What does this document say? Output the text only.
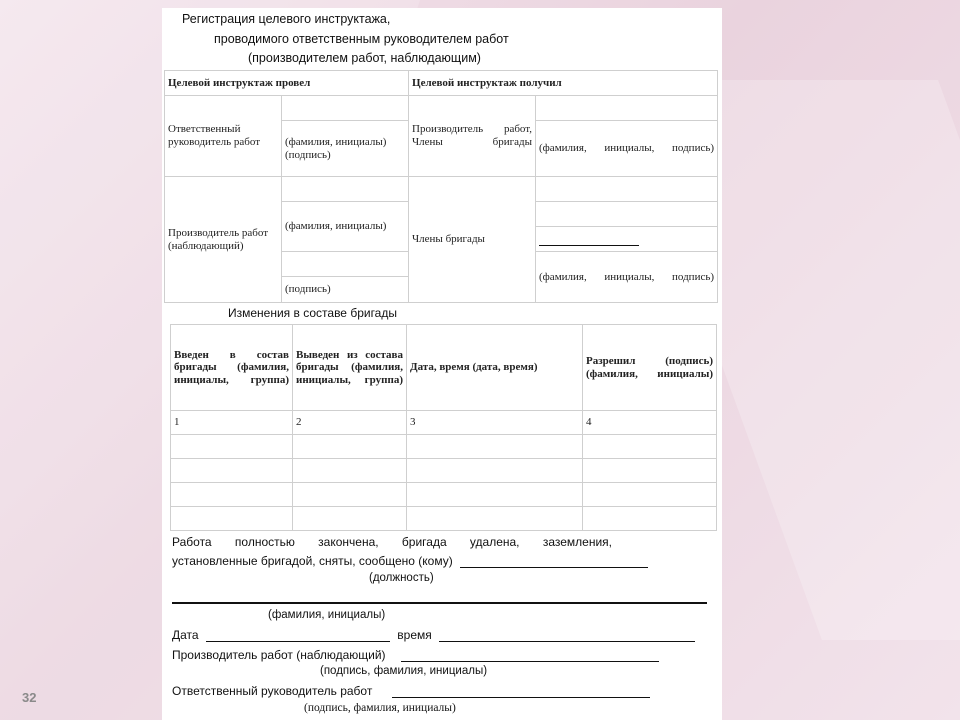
Регистрация целевого инструктажа,
проводимого ответственным руководителем работ
(производителем работ, наблюдающим)
Целевой инструктаж провел		Целевой инструктаж получил	
Ответственный руководитель работ		Производитель работ, Члены бригады	
	(фамилия, инициалы) (подпись)		(фамилия, инициалы, подпись)

Производитель работ (наблюдающий)		Члены бригады	
	(фамилия, инициалы)		

			(фамилия, инициалы, подпись)
	(подпись)		

Изменения в составе бригады
Введен в состав бригады (фамилия, инициалы, группа)	Выведен из состава бригады (фамилия, инициалы, группа)	Дата, время (дата, время)	Разрешил (подпись) (фамилия, инициалы)
1	2	3	4

Работа полностью закончена, бригада удалена, заземления,
установленные бригадой, сняты, сообщено (кому)
(должность)
(фамилия, инициалы)
Дата	время
Производитель работ (наблюдающий)
(подпись, фамилия, инициалы)
Ответственный руководитель работ
(подпись, фамилия, инициалы)
32
